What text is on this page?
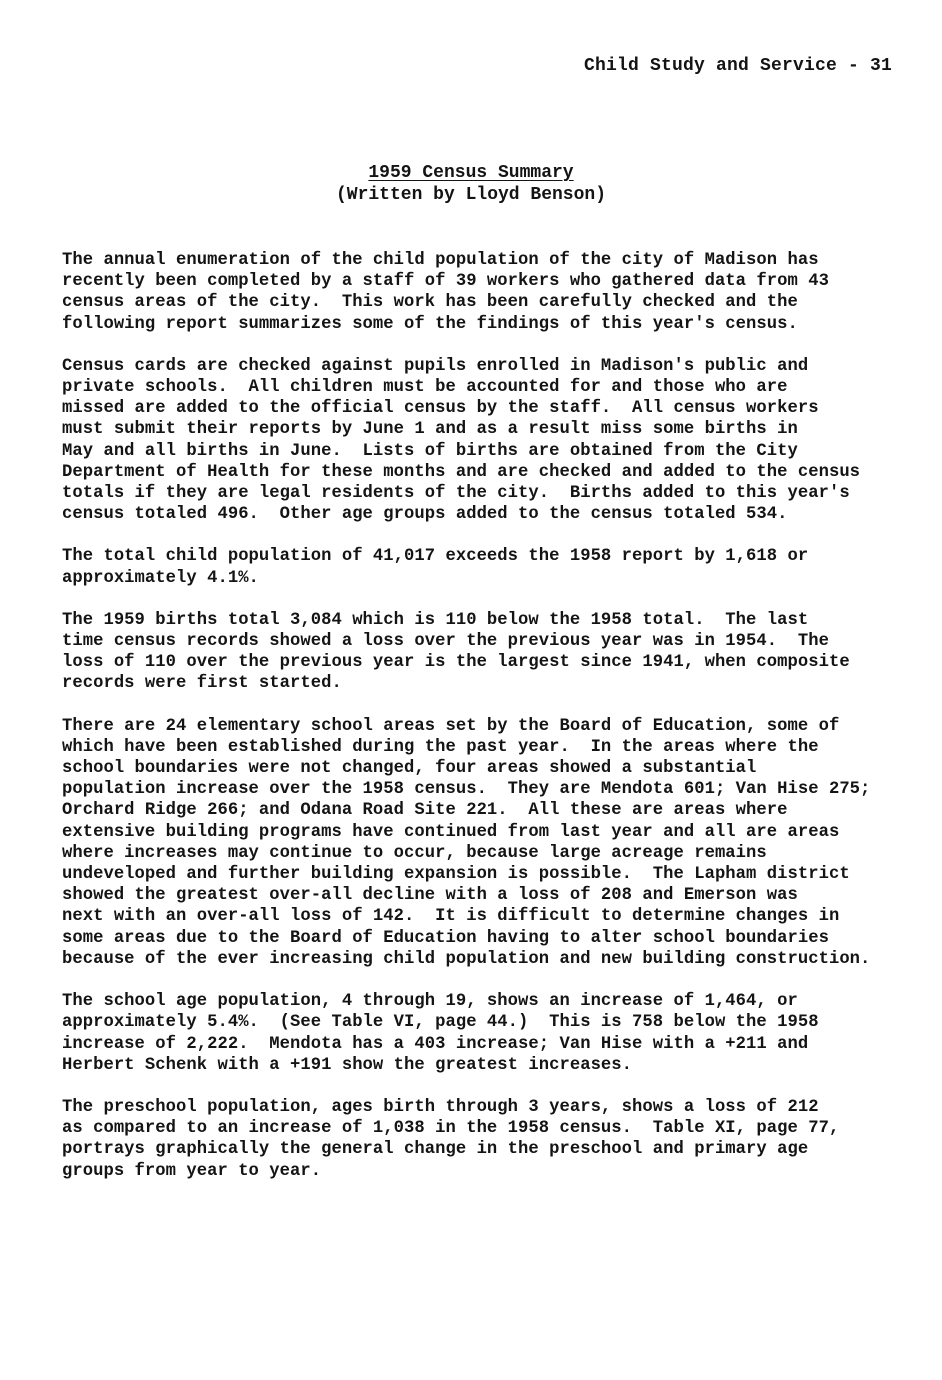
Child Study and Service - 31
1959 Census Summary
(Written by Lloyd Benson)
The annual enumeration of the child population of the city of Madison has
recently been completed by a staff of 39 workers who gathered data from 43
census areas of the city.  This work has been carefully checked and the
following report summarizes some of the findings of this year's census.
Census cards are checked against pupils enrolled in Madison's public and
private schools.  All children must be accounted for and those who are
missed are added to the official census by the staff.  All census workers
must submit their reports by June 1 and as a result miss some births in
May and all births in June.  Lists of births are obtained from the City
Department of Health for these months and are checked and added to the census
totals if they are legal residents of the city.  Births added to this year's
census totaled 496.  Other age groups added to the census totaled 534.
The total child population of 41,017 exceeds the 1958 report by 1,618 or
approximately 4.1%.
The 1959 births total 3,084 which is 110 below the 1958 total.  The last
time census records showed a loss over the previous year was in 1954.  The
loss of 110 over the previous year is the largest since 1941, when composite
records were first started.
There are 24 elementary school areas set by the Board of Education, some of
which have been established during the past year.  In the areas where the
school boundaries were not changed, four areas showed a substantial
population increase over the 1958 census.  They are Mendota 601; Van Hise 275;
Orchard Ridge 266; and Odana Road Site 221.  All these are areas where
extensive building programs have continued from last year and all are areas
where increases may continue to occur, because large acreage remains
undeveloped and further building expansion is possible.  The Lapham district
showed the greatest over-all decline with a loss of 208 and Emerson was
next with an over-all loss of 142.  It is difficult to determine changes in
some areas due to the Board of Education having to alter school boundaries
because of the ever increasing child population and new building construction.
The school age population, 4 through 19, shows an increase of 1,464, or
approximately 5.4%.  (See Table VI, page 44.)  This is 758 below the 1958
increase of 2,222.  Mendota has a 403 increase; Van Hise with a +211 and
Herbert Schenk with a +191 show the greatest increases.
The preschool population, ages birth through 3 years, shows a loss of 212
as compared to an increase of 1,038 in the 1958 census.  Table XI, page 77,
portrays graphically the general change in the preschool and primary age
groups from year to year.
